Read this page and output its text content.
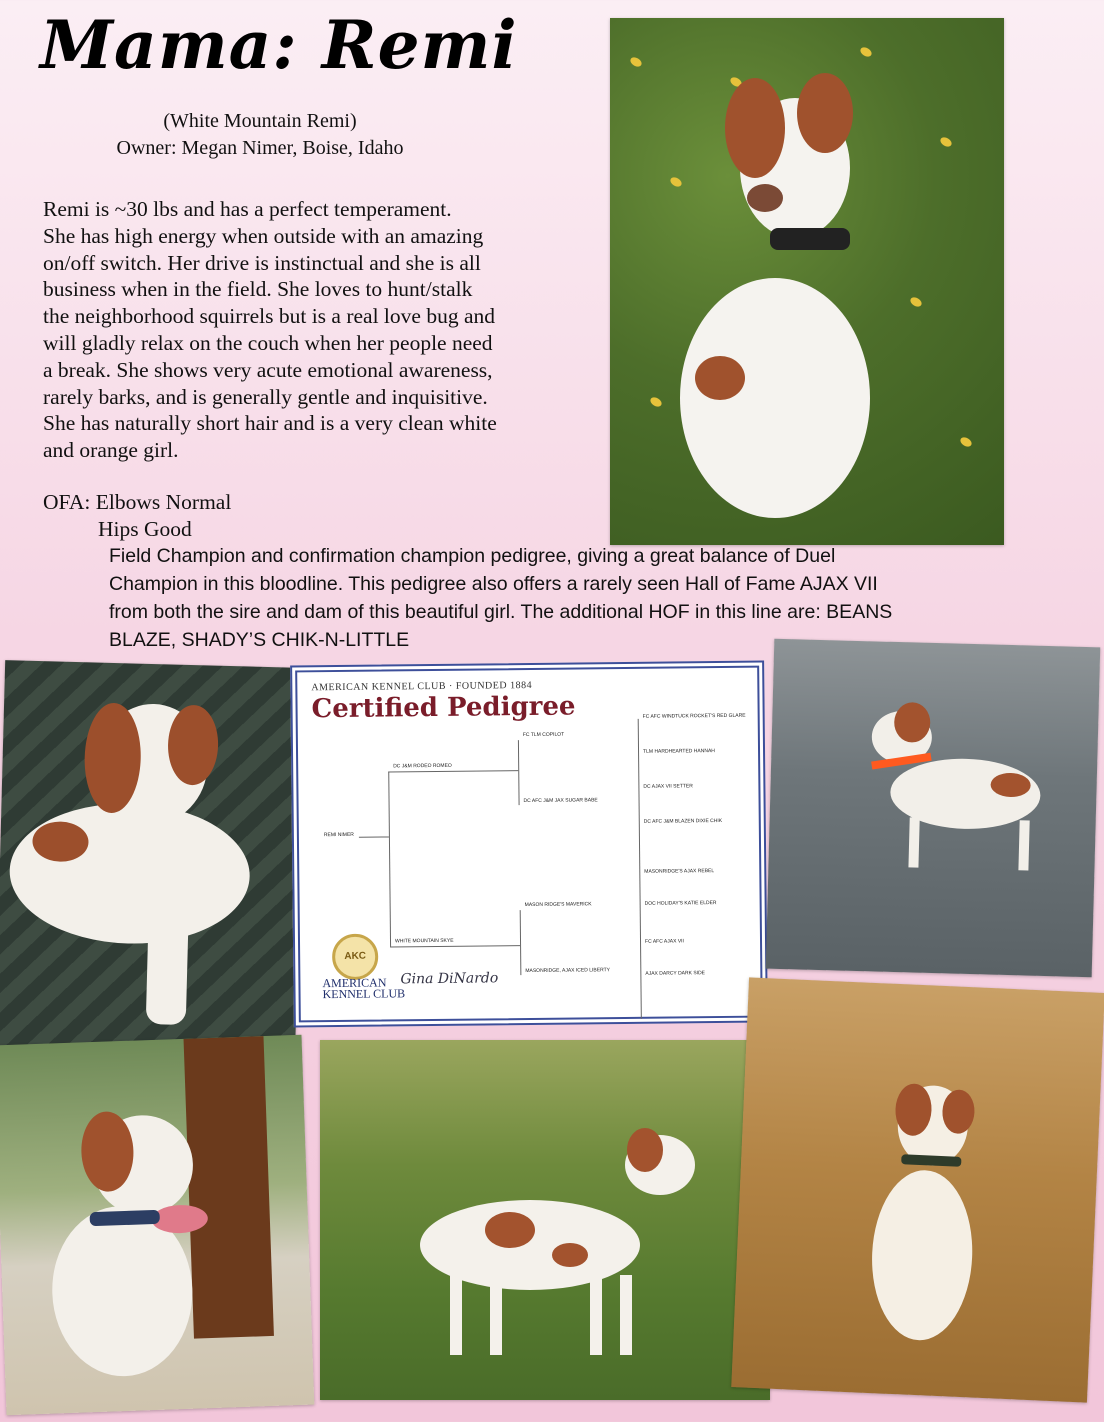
Mama: Remi
(White Mountain Remi)
Owner: Megan Nimer, Boise, Idaho
Remi is ~30 lbs and has a perfect temperament.
She has high energy when outside with an amazing
on/off switch. Her drive is instinctual and she is all
business when in the field. She loves to hunt/stalk
the neighborhood squirrels but is a real love bug and
will gladly relax on the couch when her people need
a break. She shows very acute emotional awareness,
rarely barks, and is generally gentle and inquisitive.
She has naturally short hair and is a very clean white
and orange girl.
OFA: Elbows Normal
Hips Good
Field Champion and confirmation champion pedigree, giving a great balance of Duel
Champion in this bloodline. This pedigree also offers a rarely seen Hall of Fame AJAX VII
from both the sire and dam of this beautiful girl. The additional HOF in this line are: BEANS
BLAZE, SHADY’S CHIK-N-LITTLE
AMERICAN KENNEL CLUB · FOUNDED 1884
Certified Pedigree
REMI NIMER
DC J&M RODEO ROMEO
WHITE MOUNTAIN SKYE
FC TLM COPILOT
DC AFC J&M JAX SUGAR BABE
MASON RIDGE'S MAVERICK
MASONRIDGE, AJAX ICED LIBERTY
FC AFC WINDTUCK ROCKET'S RED GLARE
TLM HARDHEARTED HANNAH
DC AJAX VII SETTER
DC AFC J&M BLAZEN DIXIE CHIK
MASONRIDGE'S AJAX REBEL
DOC HOLIDAY'S KATIE ELDER
FC AFC AJAX VII
AJAX DARCY DARK SIDE
AKC
AMERICAN
KENNEL CLUB
Gina DiNardo
